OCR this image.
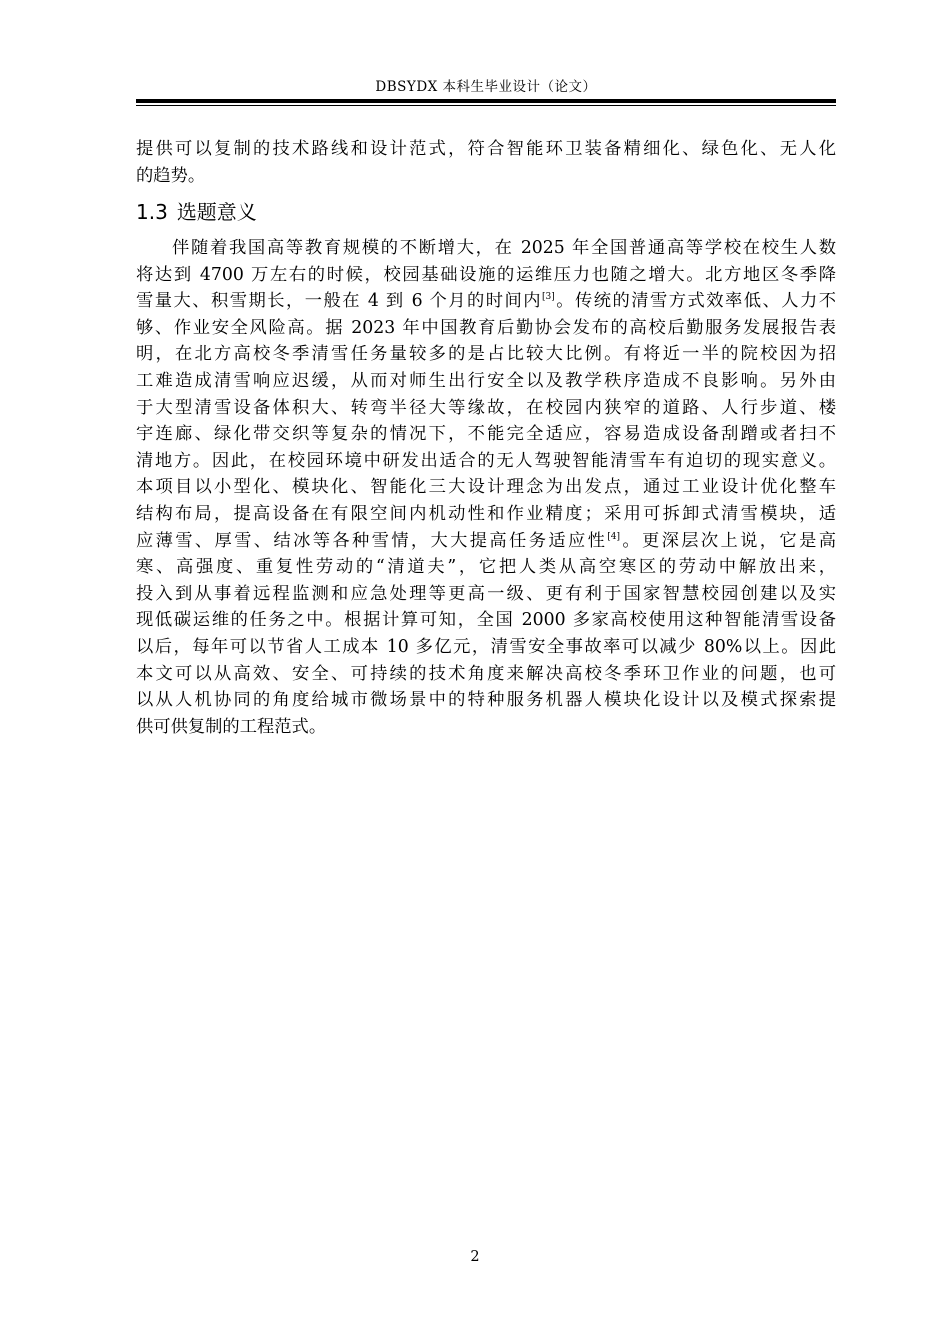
DBSYDX 本科生毕业设计（论文）
提供可以复制的技术路线和设计范式，符合智能环卫装备精细化、绿色化、无人化
的趋势。
1.3 选题意义
伴随着我国高等教育规模的不断增大，在 2025 年全国普通高等学校在校生人数
将达到 4700 万左右的时候，校园基础设施的运维压力也随之增大。北方地区冬季降
雪量大、积雪期长，一般在 4 到 6 个月的时间内[3]。传统的清雪方式效率低、人力不
够、作业安全风险高。据 2023 年中国教育后勤协会发布的高校后勤服务发展报告表
明，在北方高校冬季清雪任务量较多的是占比较大比例。有将近一半的院校因为招
工难造成清雪响应迟缓，从而对师生出行安全以及教学秩序造成不良影响。另外由
于大型清雪设备体积大、转弯半径大等缘故，在校园内狭窄的道路、人行步道、楼
宇连廊、绿化带交织等复杂的情况下，不能完全适应，容易造成设备刮蹭或者扫不
清地方。因此，在校园环境中研发出适合的无人驾驶智能清雪车有迫切的现实意义。
本项目以小型化、模块化、智能化三大设计理念为出发点，通过工业设计优化整车
结构布局，提高设备在有限空间内机动性和作业精度；采用可拆卸式清雪模块，适
应薄雪、厚雪、结冰等各种雪情，大大提高任务适应性[4]。更深层次上说，它是高
寒、高强度、重复性劳动的“清道夫”，它把人类从高空寒区的劳动中解放出来，
投入到从事着远程监测和应急处理等更高一级、更有利于国家智慧校园创建以及实
现低碳运维的任务之中。根据计算可知，全国 2000 多家高校使用这种智能清雪设备
以后，每年可以节省人工成本 10 多亿元，清雪安全事故率可以减少 80%以上。因此
本文可以从高效、安全、可持续的技术角度来解决高校冬季环卫作业的问题，也可
以从人机协同的角度给城市微场景中的特种服务机器人模块化设计以及模式探索提
供可供复制的工程范式。
2
